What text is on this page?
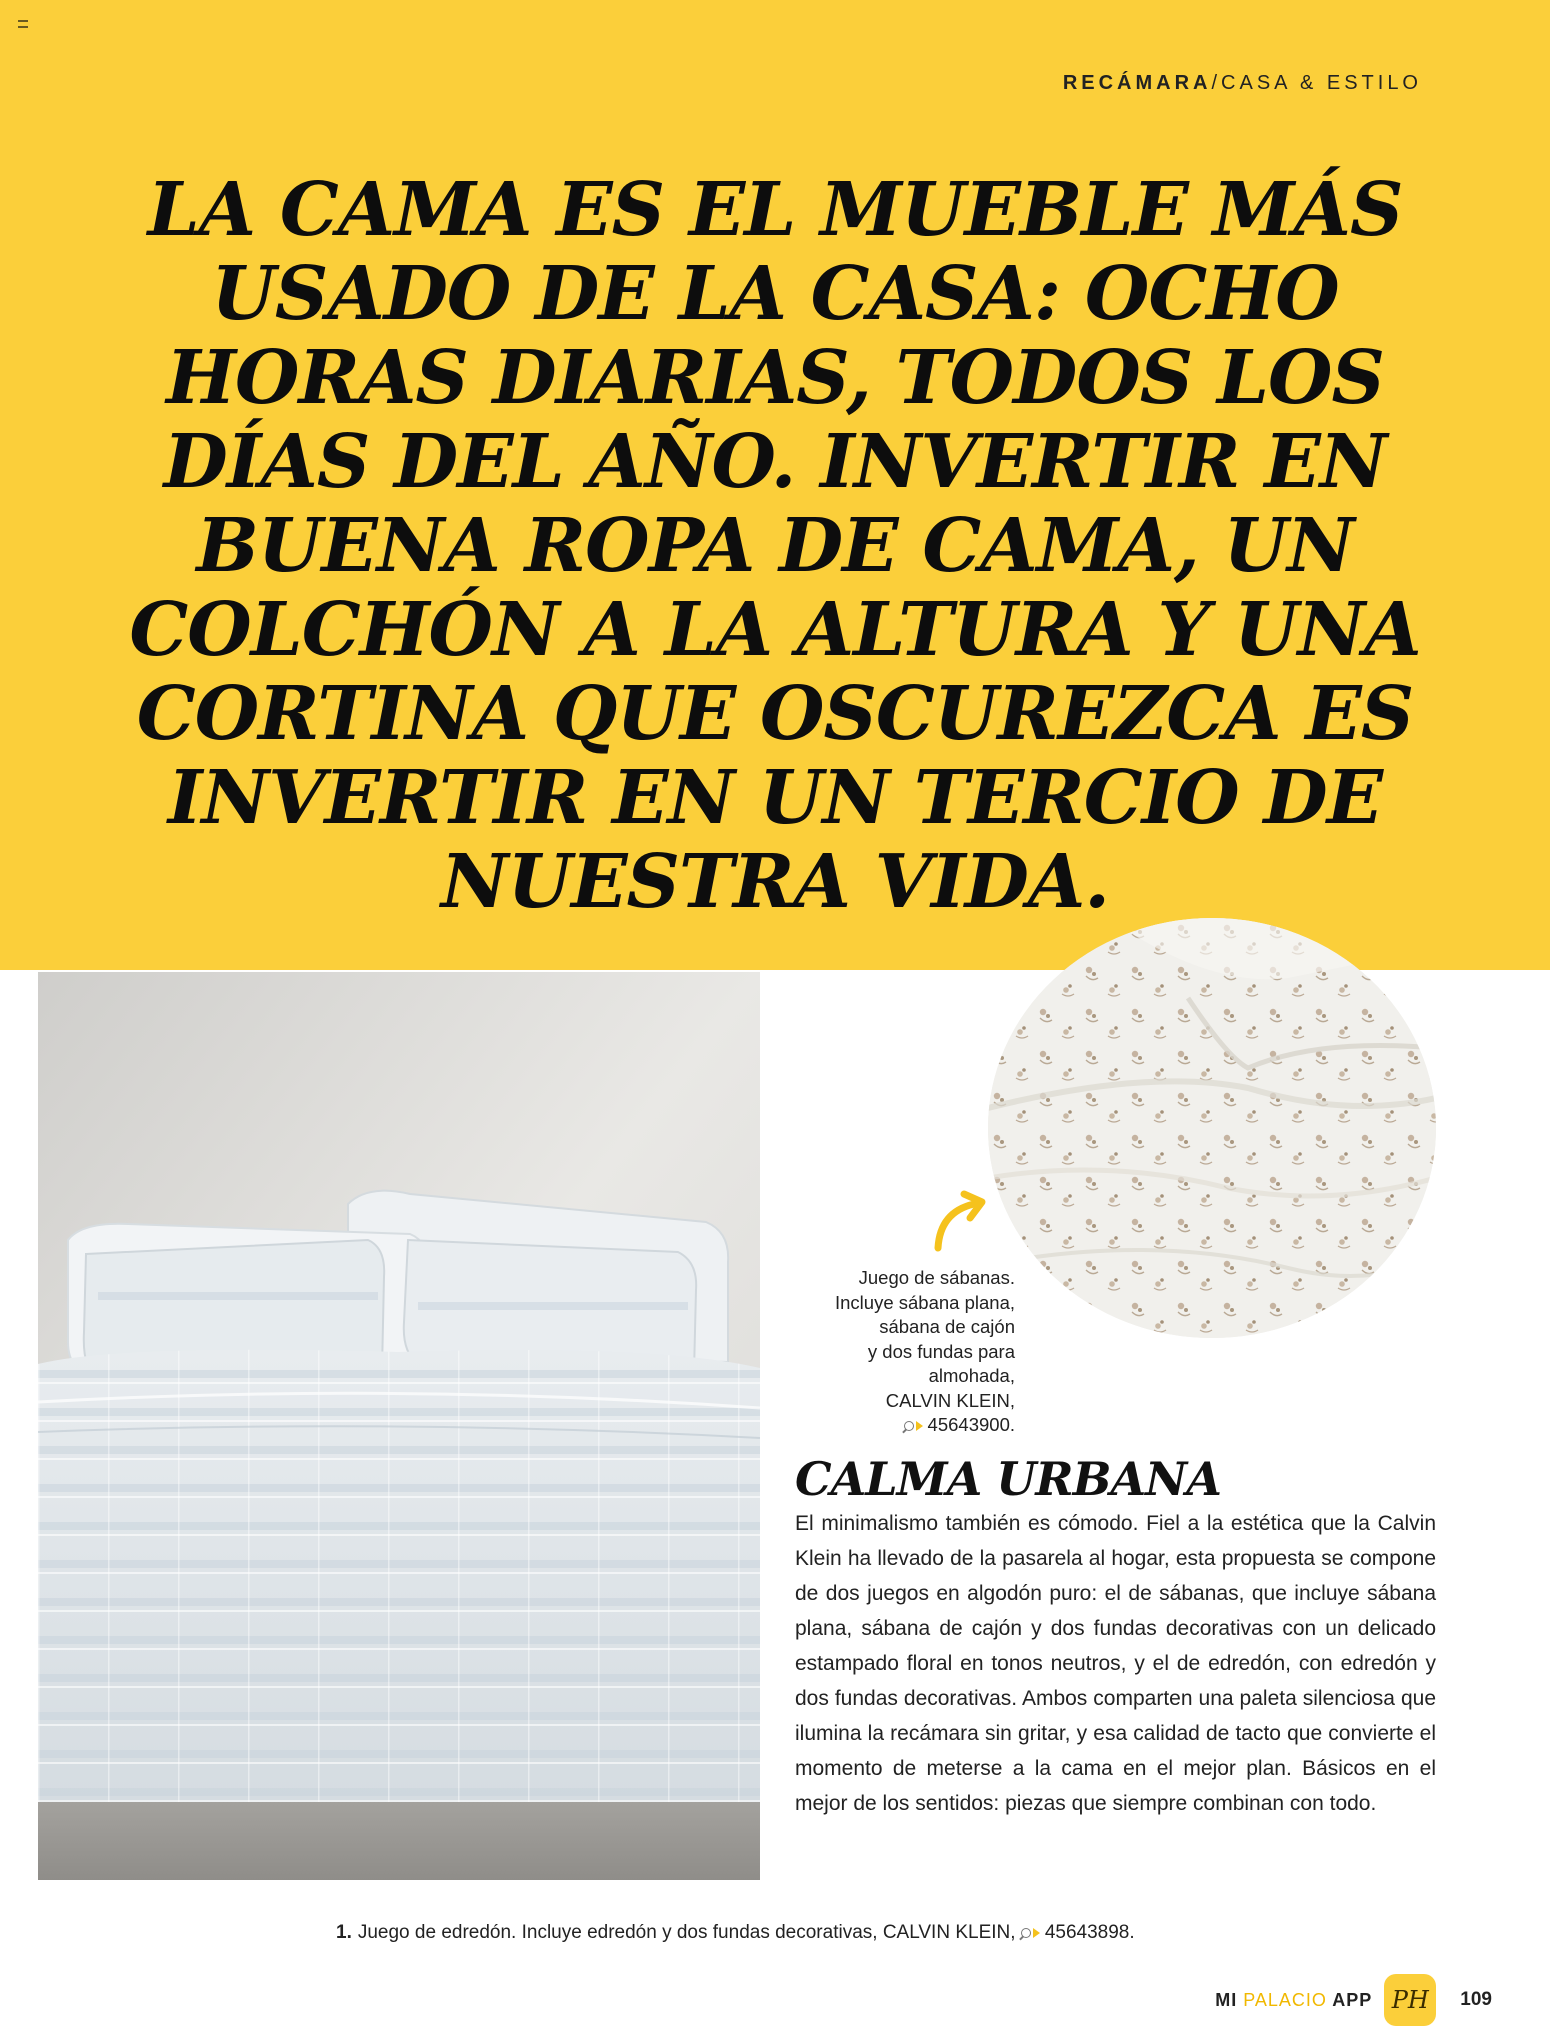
RECÁMARA/CASA & ESTILO
LA CAMA ES EL MUEBLE MÁS USADO DE LA CASA: OCHO HORAS DIARIAS, TODOS LOS DÍAS DEL AÑO. INVERTIR EN BUENA ROPA DE CAMA, UN COLCHÓN A LA ALTURA Y UNA CORTINA QUE OSCUREZCA ES INVERTIR EN UN TERCIO DE NUESTRA VIDA.
Juego de sábanas.
Incluye sábana plana,
sábana de cajón
y dos fundas para
almohada,
CALVIN KLEIN,
45643900.
CALMA URBANA

El minimalismo también es cómodo. Fiel a la estética que la Calvin Klein ha llevado de la pasarela al hogar, esta propuesta se compone de dos juegos en algodón puro: el de sábanas, que incluye sábana plana, sábana de cajón y dos fundas decorativas con un delicado estampado floral en tonos neutros, y el de edredón, con edredón y dos fundas decorativas. Ambos comparten una paleta silenciosa que ilumina la recámara sin gritar, y esa calidad de tacto que convierte el momento de meterse a la cama en el mejor plan. Básicos en el mejor de los sentidos: piezas que siempre combinan con todo.

1. Juego de edredón. Incluye edredón y dos fundas decorativas, CALVIN KLEIN, 45643898.
MI PALACIO APP PH 109
